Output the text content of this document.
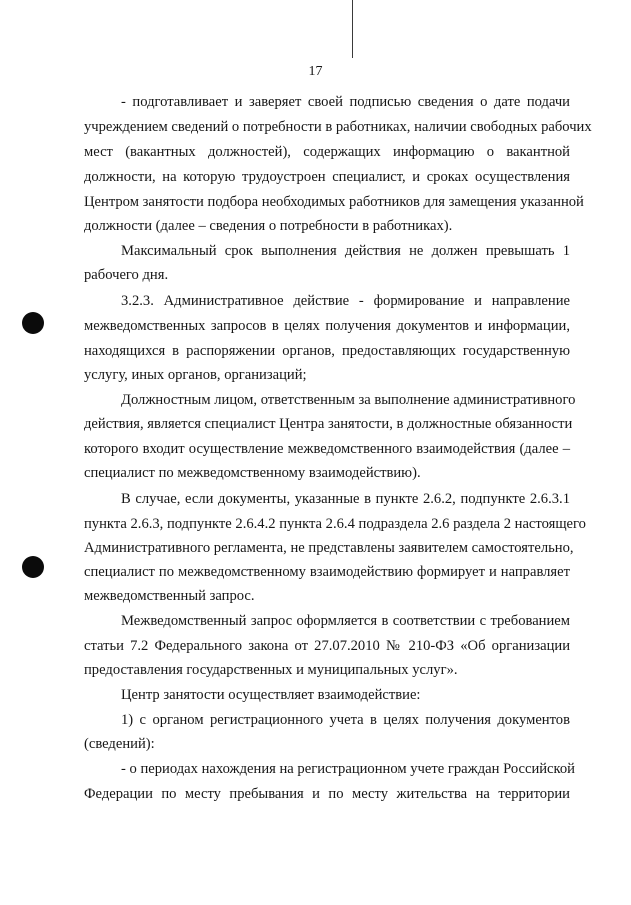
17
- подготавливает и заверяет своей подписью сведения о дате подачи
учреждением сведений о потребности в работниках, наличии свободных рабочих
мест (вакантных должностей), содержащих информацию о вакантной
должности, на которую трудоустроен специалист, и сроках осуществления
Центром занятости подбора необходимых работников для замещения указанной
должности (далее – сведения о потребности в работниках).
Максимальный срок выполнения действия не должен превышать 1
рабочего дня.
3.2.3. Административное действие - формирование и направление
межведомственных запросов в целях получения документов и информации,
находящихся в распоряжении органов, предоставляющих государственную
услугу, иных органов, организаций;
Должностным лицом, ответственным за выполнение административного
действия, является специалист Центра занятости, в должностные обязанности
которого входит осуществление межведомственного взаимодействия (далее –
специалист по межведомственному взаимодействию).
В случае, если документы, указанные в пункте 2.6.2, подпункте 2.6.3.1
пункта 2.6.3, подпункте 2.6.4.2 пункта 2.6.4 подраздела 2.6 раздела 2 настоящего
Административного регламента, не представлены заявителем самостоятельно,
специалист по межведомственному взаимодействию формирует и направляет
межведомственный запрос.
Межведомственный запрос оформляется в соответствии с требованием
статьи 7.2 Федерального закона от 27.07.2010 № 210-ФЗ «Об организации
предоставления государственных и муниципальных услуг».
Центр занятости осуществляет взаимодействие:
1) с органом регистрационного учета в целях получения документов
(сведений):
- о периодах нахождения на регистрационном учете граждан Российской
Федерации по месту пребывания и по месту жительства на территории
